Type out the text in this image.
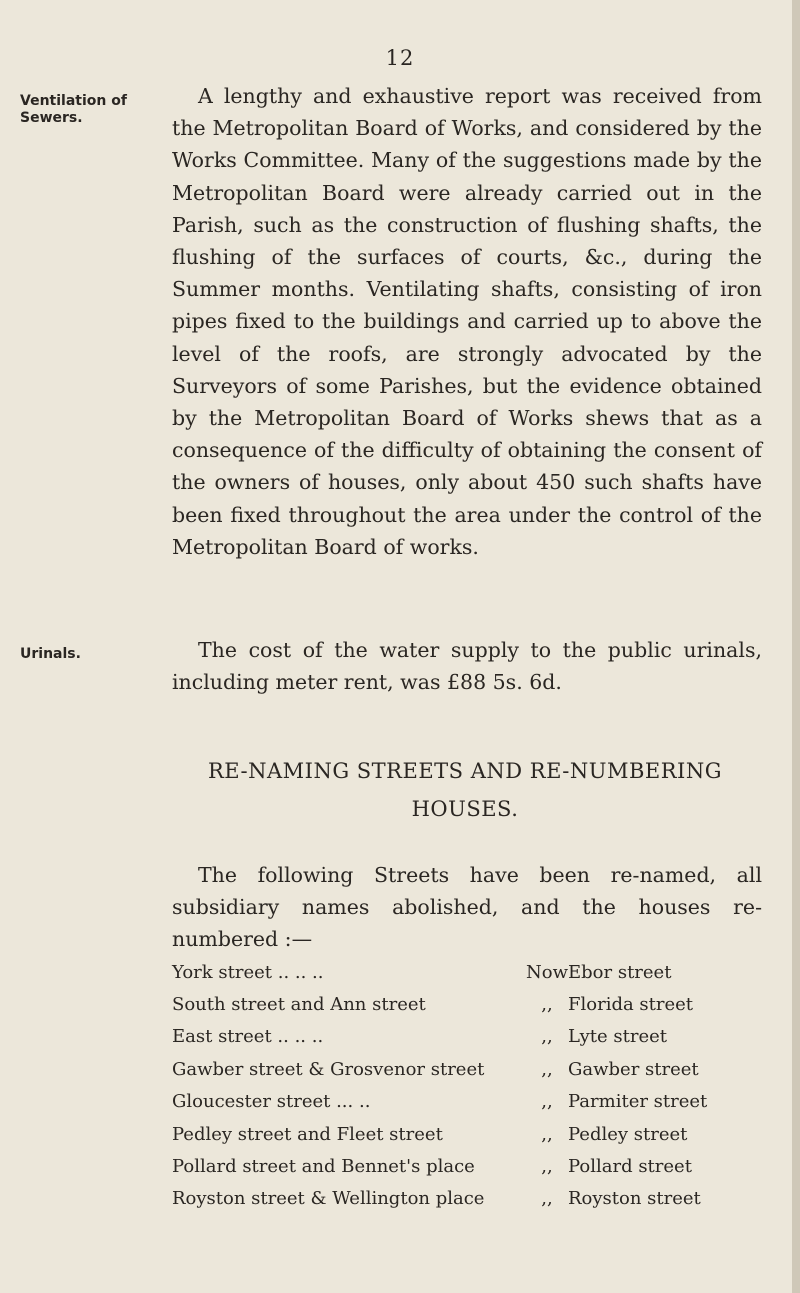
12
Ventilation of Sewers.

A lengthy and exhaustive report was received from the Metropolitan Board of Works, and considered by the Works Committee. Many of the suggestions made by the Metropolitan Board were already carried out in the Parish, such as the construction of flushing shafts, the flushing of the surfaces of courts, &c., during the Summer months. Ventilating shafts, consisting of iron pipes fixed to the buildings and carried up to above the level of the roofs, are strongly advocated by the Surveyors of some Parishes, but the evidence obtained by the Metropolitan Board of Works shews that as a consequence of the difficulty of obtaining the consent of the owners of houses, only about 450 such shafts have been fixed throughout the area under the control of the Metropolitan Board of works.

Urinals.	The cost of the water supply to the public urinals, including meter rent, was £88 5s. 6d.

RE-NAMING STREETS AND RE-NUMBERING HOUSES.

The following Streets have been re-named, all subsidiary names abolished, and the houses re-numbered :—

York street .. .. ..	Now	Ebor street
South street and Ann street	,,	Florida street
East street .. .. ..	,,	Lyte street
Gawber street & Grosvenor street	,,	Gawber street
Gloucester street ... ..	,,	Parmiter street
Pedley street and Fleet street	,,	Pedley street
Pollard street and Bennet's place	,,	Pollard street
Royston street & Wellington place	,,	Royston street
